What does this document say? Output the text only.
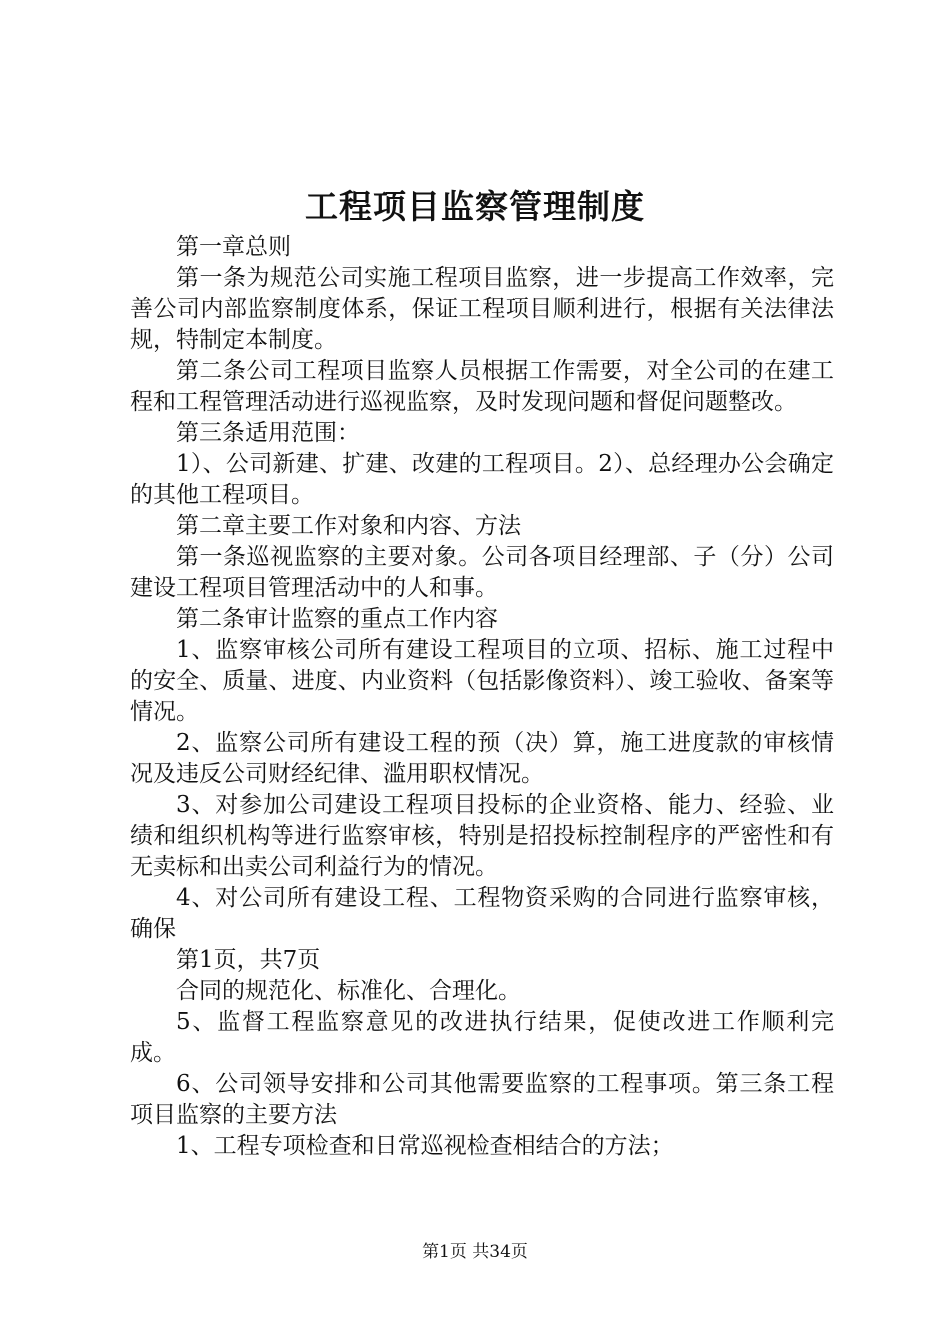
工程项目监察管理制度

第一章总则

第一条为规范公司实施工程项目监察，进一步提高工作效率，完善公司内部监察制度体系，保证工程项目顺利进行，根据有关法律法规，特制定本制度。

第二条公司工程项目监察人员根据工作需要，对全公司的在建工程和工程管理活动进行巡视监察，及时发现问题和督促问题整改。

第三条适用范围：

1）、公司新建、扩建、改建的工程项目。2）、总经理办公会确定的其他工程项目。

第二章主要工作对象和内容、方法

第一条巡视监察的主要对象。公司各项目经理部、子（分）公司建设工程项目管理活动中的人和事。

第二条审计监察的重点工作内容

1、监察审核公司所有建设工程项目的立项、招标、施工过程中的安全、质量、进度、内业资料（包括影像资料）、竣工验收、备案等情况。

2、监察公司所有建设工程的预（决）算，施工进度款的审核情况及违反公司财经纪律、滥用职权情况。

3、对参加公司建设工程项目投标的企业资格、能力、经验、业绩和组织机构等进行监察审核，特别是招投标控制程序的严密性和有无卖标和出卖公司利益行为的情况。

4、对公司所有建设工程、工程物资采购的合同进行监察审核，确保

第1页，共7页

合同的规范化、标准化、合理化。

5、监督工程监察意见的改进执行结果，促使改进工作顺利完成。

6、公司领导安排和公司其他需要监察的工程事项。第三条工程项目监察的主要方法

1、工程专项检查和日常巡视检查相结合的方法；

第1页 共34页
